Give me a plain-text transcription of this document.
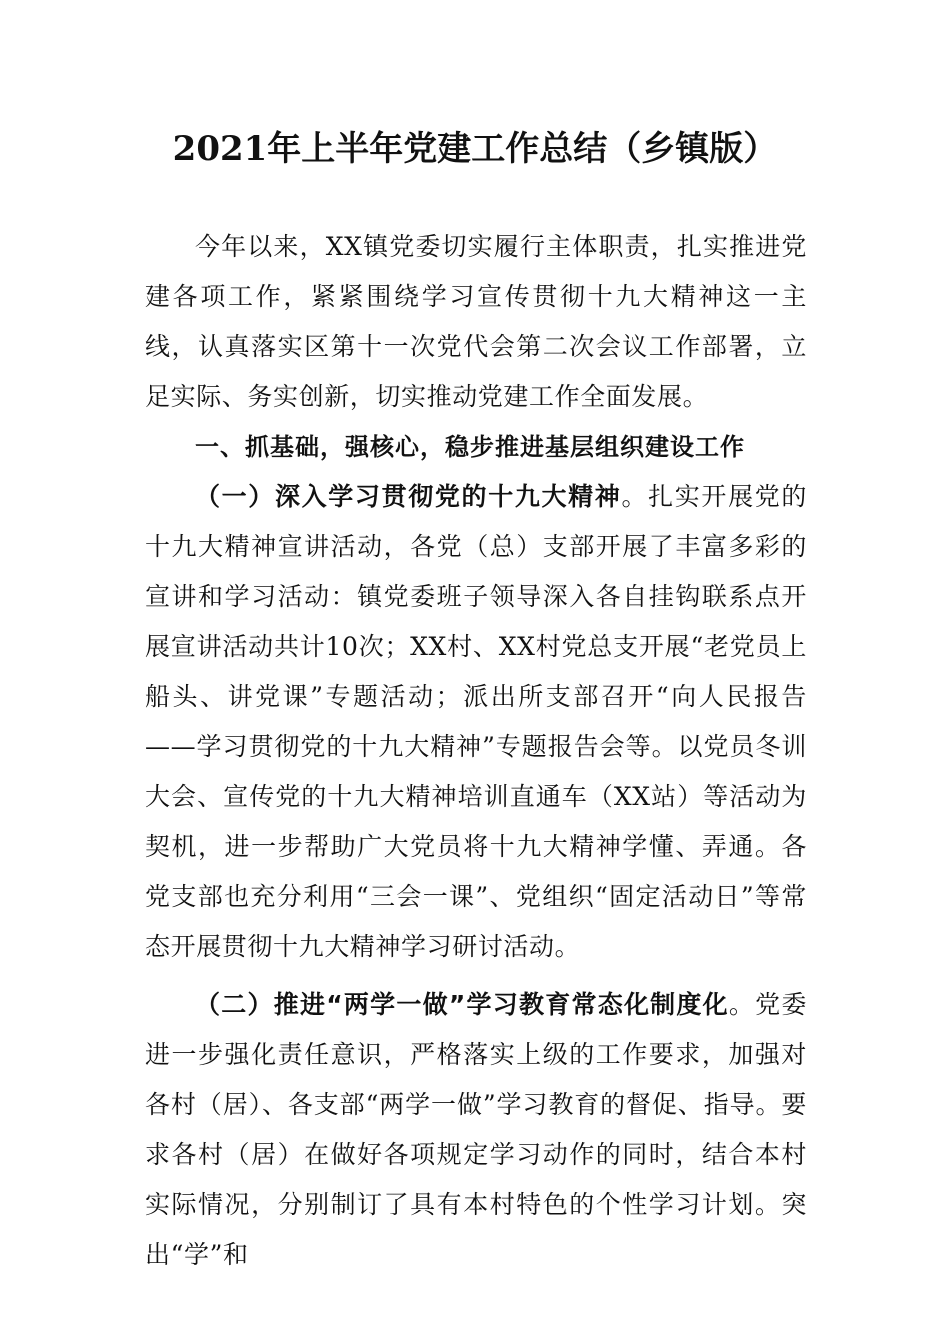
2021年上半年党建工作总结（乡镇版）

今年以来，XX镇党委切实履行主体职责，扎实推进党建各项工作，紧紧围绕学习宣传贯彻十九大精神这一主线，认真落实区第十一次党代会第二次会议工作部署，立足实际、务实创新，切实推动党建工作全面发展。

一、抓基础，强核心，稳步推进基层组织建设工作

（一）深入学习贯彻党的十九大精神。扎实开展党的十九大精神宣讲活动，各党（总）支部开展了丰富多彩的宣讲和学习活动：镇党委班子领导深入各自挂钩联系点开展宣讲活动共计10次；XX村、XX村党总支开展“老党员上船头、讲党课”专题活动；派出所支部召开“向人民报告——学习贯彻党的十九大精神”专题报告会等。以党员冬训大会、宣传党的十九大精神培训直通车（XX站）等活动为契机，进一步帮助广大党员将十九大精神学懂、弄通。各党支部也充分利用“三会一课”、党组织“固定活动日”等常态开展贯彻十九大精神学习研讨活动。

（二）推进“两学一做”学习教育常态化制度化。党委进一步强化责任意识，严格落实上级的工作要求，加强对各村（居）、各支部“两学一做”学习教育的督促、指导。要求各村（居）在做好各项规定学习动作的同时，结合本村实际情况，分别制订了具有本村特色的个性学习计划。突出“学”和
